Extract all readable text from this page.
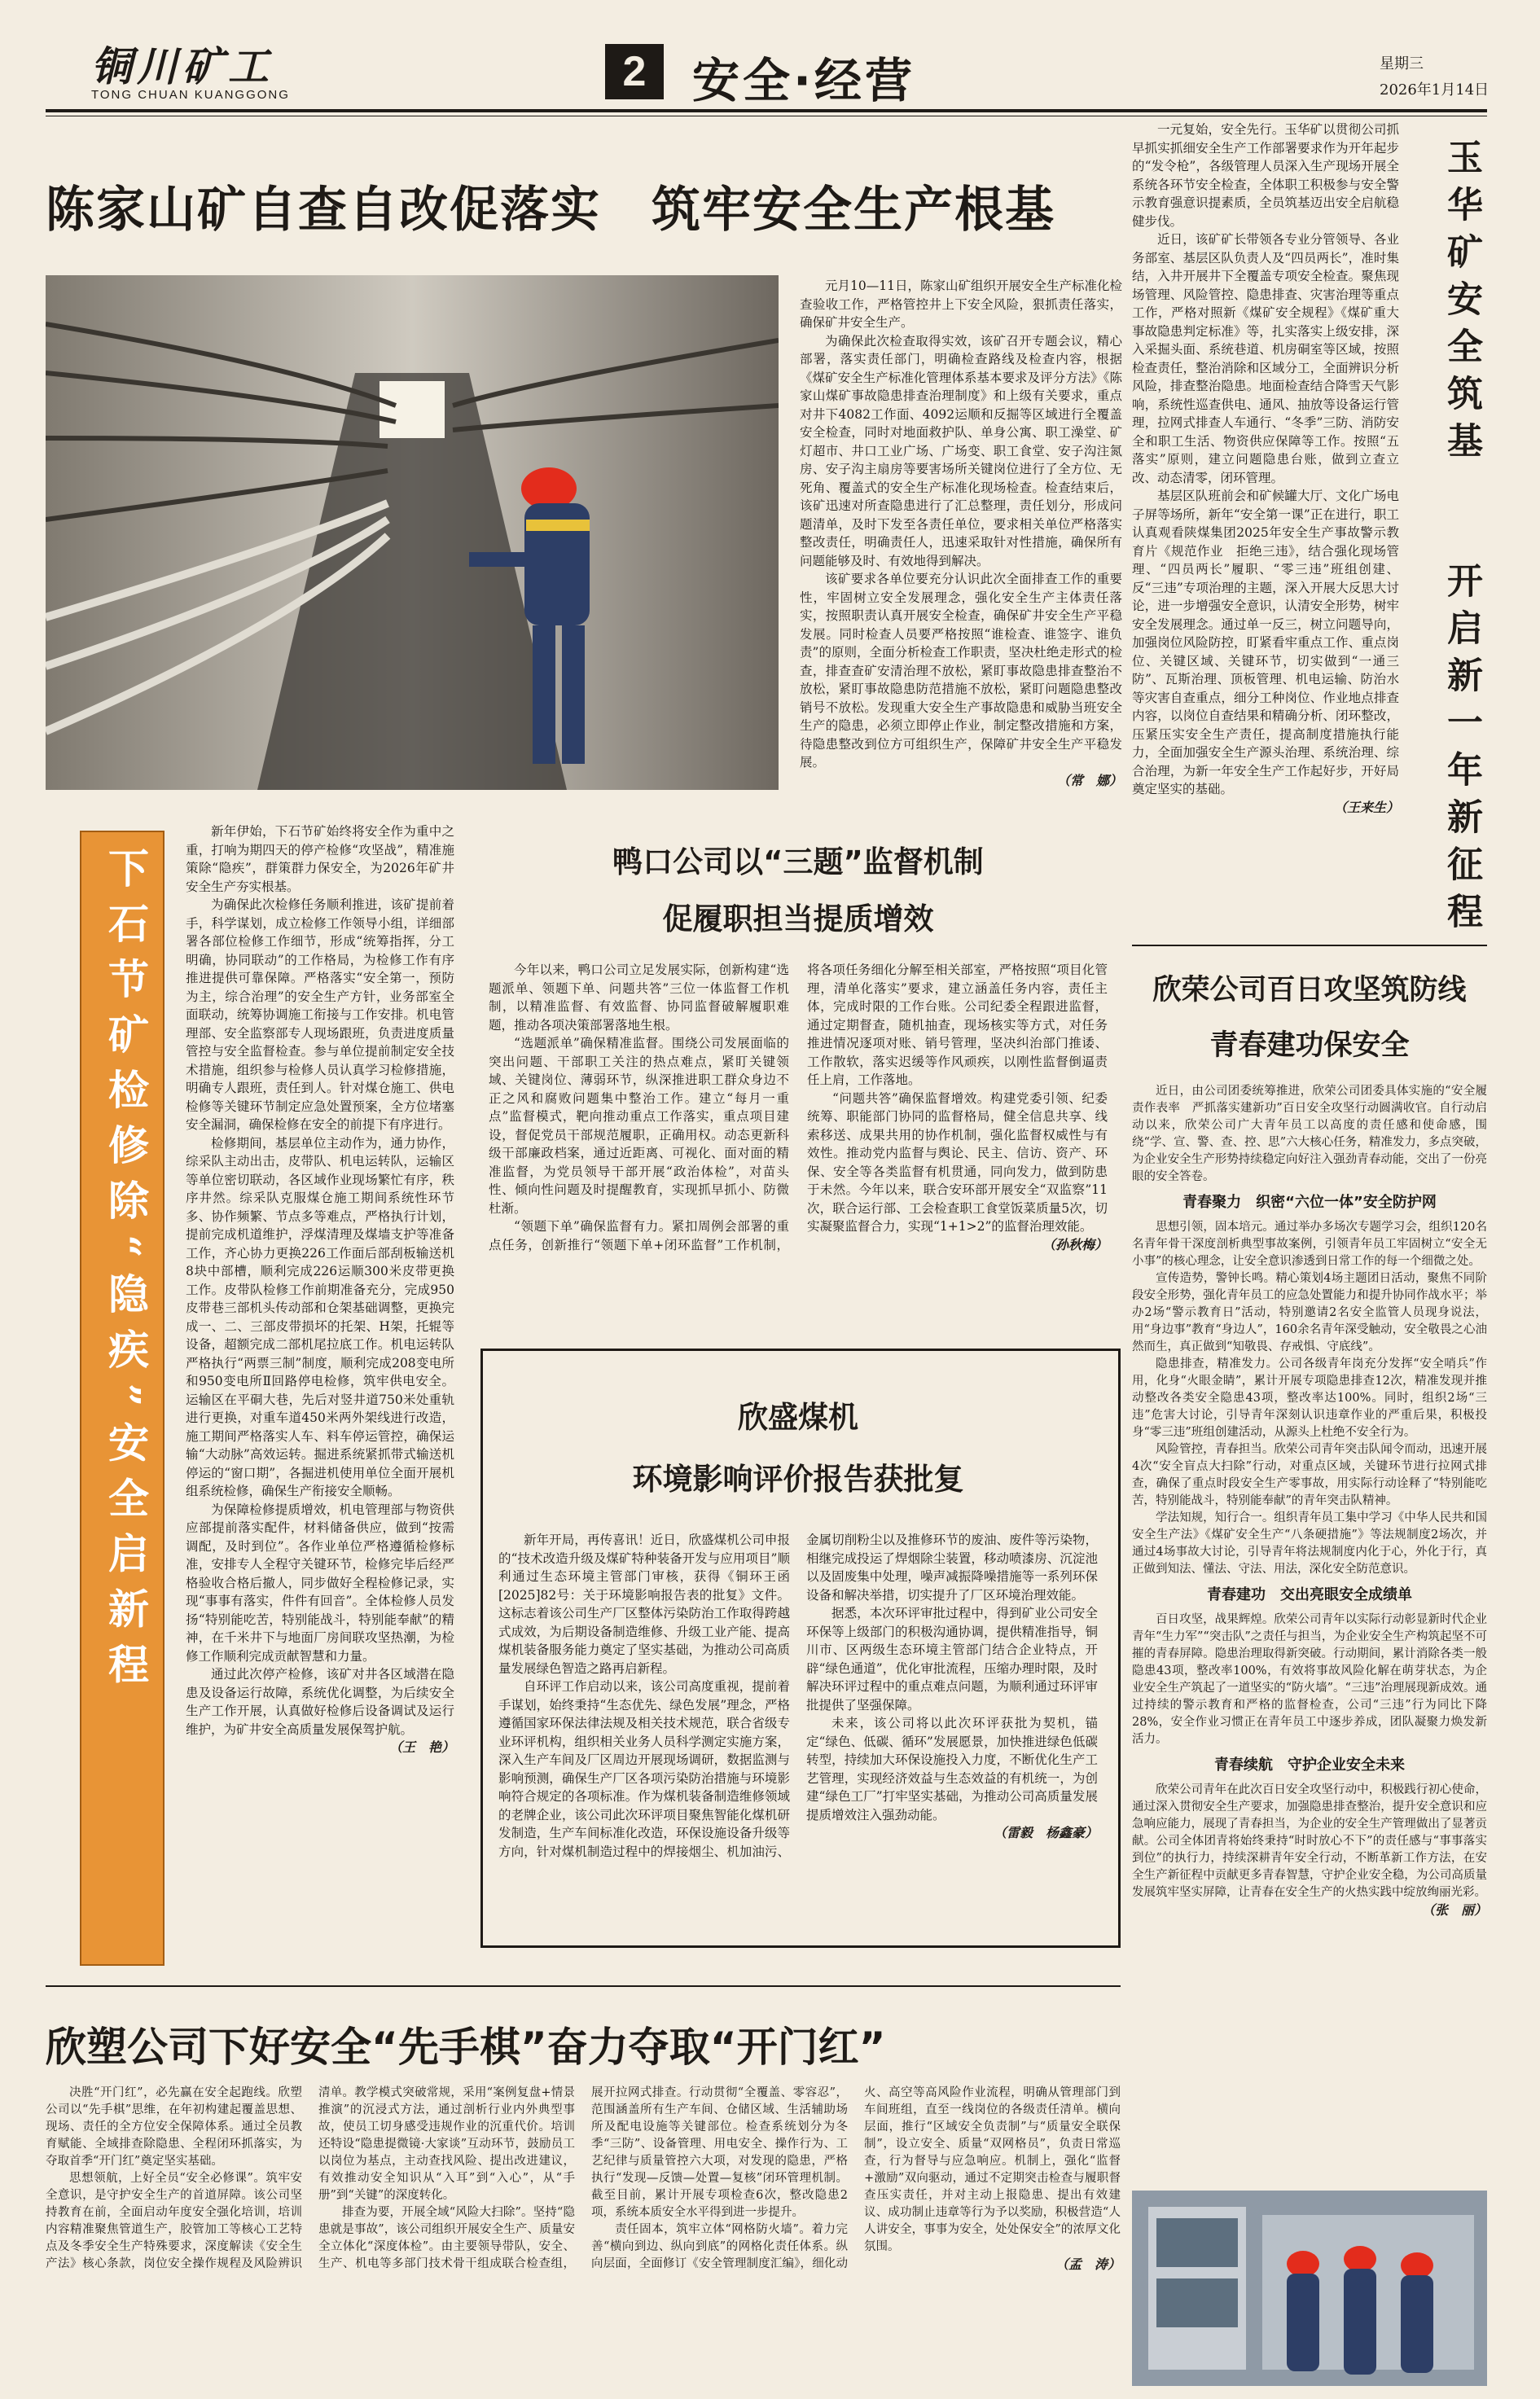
铜川矿工
TONG CHUAN KUANGGONG	2 安全·经营	星期三
2026年1月14日
陈家山矿自查自改促落实　筑牢安全生产根基

元月10—11日，陈家山矿组织开展安全生产标准化检查验收工作，严格管控井上下安全风险，狠抓责任落实，确保矿井安全生产。

为确保此次检查取得实效，该矿召开专题会议，精心部署，落实责任部门，明确检查路线及检查内容，根据《煤矿安全生产标准化管理体系基本要求及评分方法》《陈家山煤矿事故隐患排查治理制度》和上级有关要求，重点对井下4082工作面、4092运顺和反掘等区域进行全覆盖安全检查，同时对地面救护队、单身公寓、职工澡堂、矿灯超市、井口工业广场、广场变、职工食堂、安子沟注氮房、安子沟主扇房等要害场所关键岗位进行了全方位、无死角、覆盖式的安全生产标准化现场检查。检查结束后，该矿迅速对所查隐患进行了汇总整理，责任划分，形成问题清单，及时下发至各责任单位，要求相关单位严格落实整改责任，明确责任人，迅速采取针对性措施，确保所有问题能够及时、有效地得到解决。

该矿要求各单位要充分认识此次全面排查工作的重要性，牢固树立安全发展理念，强化安全生产主体责任落实，按照职责认真开展安全检查，确保矿井安全生产平稳发展。同时检查人员要严格按照“谁检查、谁签字、谁负责”的原则，全面分析检查工作职责，坚决杜绝走形式的检查，排查查矿安清治理不放松，紧盯事故隐患排查整治不放松，紧盯事故隐患防范措施不放松，紧盯问题隐患整改销号不放松。发现重大安全生产事故隐患和威胁当班安全生产的隐患，必须立即停止作业，制定整改措施和方案，待隐患整改到位方可组织生产，保障矿井安全生产平稳发展。

（常　娜）

一元复始，安全先行。玉华矿以贯彻公司抓早抓实抓细安全生产工作部署要求作为开年起步的“发令枪”，各级管理人员深入生产现场开展全系统各环节安全检查，全体职工积极参与安全警示教育强意识提素质，全员筑基迈出安全启航稳健步伐。

近日，该矿矿长带领各专业分管领导、各业务部室、基层区队负责人及“四员两长”，准时集结，入井开展井下全覆盖专项安全检查。聚焦现场管理、风险管控、隐患排查、灾害治理等重点工作，严格对照新《煤矿安全规程》《煤矿重大事故隐患判定标准》等，扎实落实上级安排，深入采掘头面、系统巷道、机房硐室等区域，按照检查责任，整治消除和区域分工，全面辨识分析风险，排查整治隐患。地面检查结合降雪天气影响，系统性巡查供电、通风、抽放等设备运行管理，拉网式排查人车通行、“冬季”三防、消防安全和职工生活、物资供应保障等工作。按照“五落实”原则，建立问题隐患台账，做到立查立改、动态清零，闭环管理。

基层区队班前会和矿候罐大厅、文化广场电子屏等场所，新年“安全第一课”正在进行，职工认真观看陕煤集团2025年安全生产事故警示教育片《规范作业　拒绝三违》，结合强化现场管理、“四员两长”履职、“零三违”班组创建、反“三违”专项治理的主题，深入开展大反思大讨论，进一步增强安全意识，认清安全形势，树牢安全发展理念。通过单一反三，树立问题导向，加强岗位风险防控，盯紧看牢重点工作、重点岗位、关键区域、关键环节，切实做到“一通三防”、瓦斯治理、顶板管理、机电运输、防治水等灾害自查重点，细分工种岗位、作业地点排查内容，以岗位自查结果和精确分析、闭环整改，压紧压实安全生产责任，提高制度措施执行能力，全面加强安全生产源头治理、系统治理、综合治理，为新一年安全生产工作起好步，开好局奠定坚实的基础。

（王来生）

玉华矿安全筑基
开启新一年新征程
下石节矿检修除“隐疾”安全启新程

新年伊始，下石节矿始终将安全作为重中之重，打响为期四天的停产检修“攻坚战”，精准施策除“隐疾”，群策群力保安全，为2026年矿井安全生产夯实根基。

为确保此次检修任务顺利推进，该矿提前着手，科学谋划，成立检修工作领导小组，详细部署各部位检修工作细节，形成“统筹指挥，分工明确，协同联动”的工作格局，为检修工作有序推进提供可靠保障。严格落实“安全第一，预防为主，综合治理”的安全生产方针，业务部室全面联动，统筹协调施工衔接与工作安排。机电管理部、安全监察部专人现场跟班，负责进度质量管控与安全监督检查。参与单位提前制定安全技术措施，组织参与检修人员认真学习检修措施，明确专人跟班，责任到人。针对煤仓施工、供电检修等关键环节制定应急处置预案，全方位堵塞安全漏洞，确保检修在安全的前提下有序进行。

检修期间，基层单位主动作为，通力协作，综采队主动出击，皮带队、机电运转队，运输区等单位密切联动，各区域作业现场繁忙有序，秩序井然。综采队克服煤仓施工期间系统性环节多、协作频繁、节点多等难点，严格执行计划，提前完成机道维护，浮煤清理及煤墙支护等准备工作，齐心协力更换226工作面后部刮板输送机8块中部槽，顺利完成226运顺300米皮带更换工作。皮带队检修工作前期准备充分，完成950皮带巷三部机头传动部和仓架基础调整，更换完成一、二、三部皮带损坏的托架、H架，托辊等设备，超额完成二部机尾拉底工作。机电运转队严格执行“两票三制”制度，顺利完成208变电所和950变电所Ⅱ回路停电检修，筑牢供电安全。运输区在平硐大巷，先后对竖井道750米处重轨进行更换，对重车道450米两外架线进行改造，施工期间严格落实人车、料车停运管控，确保运输“大动脉”高效运转。掘进系统紧抓带式输送机停运的“窗口期”，各掘进机使用单位全面开展机组系统检修，确保生产衔接安全顺畅。

为保障检修提质增效，机电管理部与物资供应部提前落实配件，材料储备供应，做到“按需调配，及时到位”。各作业单位严格遵循检修标准，安排专人全程守关键环节，检修完毕后经严格验收合格后撤人，同步做好全程检修记录，实现“事事有落实，件件有回音”。全体检修人员发扬“特别能吃苦，特别能战斗，特别能奉献”的精神，在千米井下与地面厂房间联攻坚热潮，为检修工作顺利完成贡献智慧和力量。

通过此次停产检修，该矿对井各区域潜在隐患及设备运行故障，系统优化调整，为后续安全生产工作开展，认真做好检修后设备调试及运行维护，为矿井安全高质量发展保驾护航。

（王　艳）

鸭口公司以“三题”监督机制
促履职担当提质增效

今年以来，鸭口公司立足发展实际，创新构建“选题派单、领题下单、问题共答”三位一体监督工作机制，以精准监督、有效监督、协同监督破解履职难题，推动各项决策部署落地生根。

“选题派单”确保精准监督。围绕公司发展面临的突出问题、干部职工关注的热点难点，紧盯关键领域、关键岗位、薄弱环节，纵深推进职工群众身边不正之风和腐败问题集中整治工作。建立“每月一重点”监督模式，靶向推动重点工作落实，重点项目建设，督促党员干部规范履职，正确用权。动态更新科级干部廉政档案，通过近距离、可视化、面对面的精准监督，为党员领导干部开展“政治体检”，对苗头性、倾向性问题及时提醒教育，实现抓早抓小、防微杜渐。

“领题下单”确保监督有力。紧扣周例会部署的重点任务，创新推行“领题下单+闭环监督”工作机制，将各项任务细化分解至相关部室，严格按照“项目化管理，清单化落实”要求，建立涵盖任务内容，责任主体，完成时限的工作台账。公司纪委全程跟进监督，通过定期督查，随机抽查，现场核实等方式，对任务推进情况逐项对账、销号管理，坚决纠治部门推诿、工作散软，落实迟缓等作风顽疾，以刚性监督倒逼责任上肩，工作落地。

“问题共答”确保监督增效。构建党委引领、纪委统筹、职能部门协同的监督格局，健全信息共享、线索移送、成果共用的协作机制，强化监督权威性与有效性。推动党内监督与舆论、民主、信访、资产、环保、安全等各类监督有机贯通，同向发力，做到防患于未然。今年以来，联合安环部开展安全“双监察”11次，联合运行部、工会检查职工食堂饭菜质量5次，切实凝聚监督合力，实现“1+1>2”的监督治理效能。

（孙秋梅）

欣盛煤机
环境影响评价报告获批复

新年开局，再传喜讯！近日，欣盛煤机公司申报的“技术改造升级及煤矿特种装备开发与应用项目”顺利通过生态环境主管部门审核，获得《铜环王函[2025]82号：关于环境影响报告表的批复》文件。这标志着该公司生产厂区整体污染防治工作取得跨越式成效，为后期设备制造维修、升级工业产能、提高煤机装备服务能力奠定了坚实基础，为推动公司高质量发展绿色智造之路再启新程。

自环评工作启动以来，该公司高度重视，提前着手谋划，始终秉持“生态优先、绿色发展”理念，严格遵循国家环保法律法规及相关技术规范，联合省级专业环评机构，组织相关业务人员科学测定实施方案，深入生产车间及厂区周边开展现场调研，数据监测与影响预测，确保生产厂区各项污染防治措施与环境影响符合规定的各项标准。作为煤机装备制造维修领域的老牌企业，该公司此次环评项目聚焦智能化煤机研发制造，生产车间标准化改造，环保设施设备升级等方向，针对煤机制造过程中的焊接烟尘、机加油污、金属切削粉尘以及推修环节的废油、废件等污染物，相继完成投运了焊烟除尘装置，移动喷漆房、沉淀池以及固废集中处理，噪声减振降噪措施等一系列环保设备和解决举措，切实提升了厂区环境治理效能。

据悉，本次环评审批过程中，得到矿业公司安全环保等上级部门的积极沟通协调，提供精准指导，铜川市、区两级生态环境主管部门结合企业特点，开辟“绿色通道”，优化审批流程，压缩办理时限，及时解决环评过程中的重点难点问题，为顺利通过环评审批提供了坚强保障。

未来，该公司将以此次环评获批为契机，锚定“绿色、低碳、循环”发展愿景，加快推进绿色低碳转型，持续加大环保设施投入力度，不断优化生产工艺管理，实现经济效益与生态效益的有机统一，为创建“绿色工厂”打牢坚实基础，为推动公司高质量发展提质增效注入强劲动能。

（雷毅　杨鑫豪）

欣荣公司百日攻坚筑防线
青春建功保安全

近日，由公司团委统筹推进，欣荣公司团委具体实施的“安全履责作表率　严抓落实建新功”百日安全攻坚行动圆满收官。自行动启动以来，欣荣公司广大青年员工以高度的责任感和使命感，围绕“学、宣、警、查、控、思”六大核心任务，精准发力，多点突破，为企业安全生产形势持续稳定向好注入强劲青春动能，交出了一份亮眼的安全答卷。

青春聚力　织密“六位一体”安全防护网

思想引领，固本培元。通过举办多场次专题学习会，组织120名名青年骨干深度剖析典型事故案例，引领青年员工牢固树立“安全无小事”的核心理念，让安全意识渗透到日常工作的每一个细微之处。

宣传造势，警钟长鸣。精心策划4场主题团日活动，聚焦不同阶段安全形势，强化青年员工的应急处置能力和提升协同作战水平；举办2场“警示教育日”活动，特别邀请2名安全监管人员现身说法，用“身边事”教育“身边人”，160余名青年深受触动，安全敬畏之心油然而生，真正做到“知敬畏、存戒惧、守底线”。

隐患排查，精准发力。公司各级青年岗充分发挥“安全哨兵”作用，化身“火眼金睛”，累计开展专项隐患排查12次，精准发现并推动整改各类安全隐患43项，整改率达100%。同时，组织2场“三违”危害大讨论，引导青年深刻认识违章作业的严重后果，积极投身“零三违”班组创建活动，从源头上杜绝不安全行为。

风险管控，青春担当。欣荣公司青年突击队闻令而动，迅速开展4次“安全盲点大扫除”行动，对重点区域，关键环节进行拉网式排查，确保了重点时段安全生产零事故，用实际行动诠释了“特别能吃苦，特别能战斗，特别能奉献”的青年突击队精神。

学法知规，知行合一。组织青年员工集中学习《中华人民共和国安全生产法》《煤矿安全生产“八条硬措施”》等法规制度2场次，并通过4场事故大讨论，引导青年将法规制度内化于心，外化于行，真正做到知法、懂法、守法、用法，深化安全防范意识。

青春建功　交出亮眼安全成绩单

百日攻坚，战果辉煌。欣荣公司青年以实际行动彰显新时代企业青年“生力军”“突击队”之责任与担当，为企业安全生产构筑起坚不可摧的青春屏障。隐患治理取得新突破。行动期间，累计消除各类一般隐患43项，整改率100%，有效将事故风险化解在萌芽状态，为企业安全生产筑起了一道坚实的“防火墙”。“三违”治理展现新成效。通过持续的警示教育和严格的监督检查，公司“三违”行为同比下降28%，安全作业习惯正在青年员工中逐步养成，团队凝聚力焕发新活力。

青春续航　守护企业安全未来

欣荣公司青年在此次百日安全攻坚行动中，积极践行初心使命，通过深入贯彻安全生产要求，加强隐患排查整治，提升安全意识和应急响应能力，展现了青春担当，为企业的安全生产管理做出了显著贡献。公司全体团青将始终秉持“时时放心不下”的责任感与“事事落实到位”的执行力，持续深耕青年安全行动，不断革新工作方法，在安全生产新征程中贡献更多青春智慧，守护企业安全稳，为公司高质量发展筑牢坚实屏障，让青春在安全生产的火热实践中绽放绚丽光彩。

（张　丽）

欣塑公司下好安全“先手棋”奋力夺取“开门红”

决胜“开门红”，必先赢在安全起跑线。欣塑公司以“先手棋”思维，在年初构建起覆盖思想、现场、责任的全方位安全保障体系。通过全员教育赋能、全域排查除隐患、全程闭环抓落实，为夺取首季“开门红”奠定坚实基础。

思想领航，上好全员“安全必修课”。筑牢安全意识，是守护安全生产的首道屏障。该公司坚持教育在前，全面启动年度安全强化培训，培训内容精准聚焦管道生产，胶管加工等核心工艺特点及冬季安全生产特殊要求，深度解读《安全生产法》核心条款，岗位安全操作规程及风险辨识清单。教学模式突破常规，采用“案例复盘+情景推演”的沉浸式方法，通过剖析行业内外典型事故，使员工切身感受违规作业的沉重代价。培训还特设“隐患提微镜·大家谈”互动环节，鼓励员工以岗位为基点，主动查找风险、提出改进建议，有效推动安全知识从“入耳”到“入心”，从“手册”到“关键”的深度转化。

排查为要，开展全域“风险大扫除”。坚持“隐患就是事故”，该公司组织开展安全生产、质量安全立体化“深度体检”。由主要领导带队，安全、生产、机电等多部门技术骨干组成联合检查组，展开拉网式排查。行动贯彻“全覆盖、零容忍”，范围涵盖所有生产车间、仓储区域、生活辅助场所及配电设施等关键部位。检查系统划分为冬季“三防”、设备管理、用电安全、操作行为、工艺纪律与质量管控六大项，对发现的隐患，严格执行“发现—反馈—处置—复核”闭环管理机制。截至目前，累计开展专项检查6次，整改隐患2项，系统本质安全水平得到进一步提升。

责任固本，筑牢立体“网格防火墙”。着力完善“横向到边、纵向到底”的网格化责任体系。纵向层面，全面修订《安全管理制度汇编》，细化动火、高空等高风险作业流程，明确从管理部门到车间班组，直至一线岗位的各级责任清单。横向层面，推行“区域安全负责制”与“质量安全联保制”，设立安全、质量“双网格员”，负责日常巡查，行为督导与应急响应。机制上，强化“监督+激励”双向驱动，通过不定期突击检查与履职督查压实责任，并对主动上报隐患、提出有效建议、成功制止违章等行为予以奖励，积极营造“人人讲安全，事事为安全，处处保安全”的浓厚文化氛围。

（孟　涛）
